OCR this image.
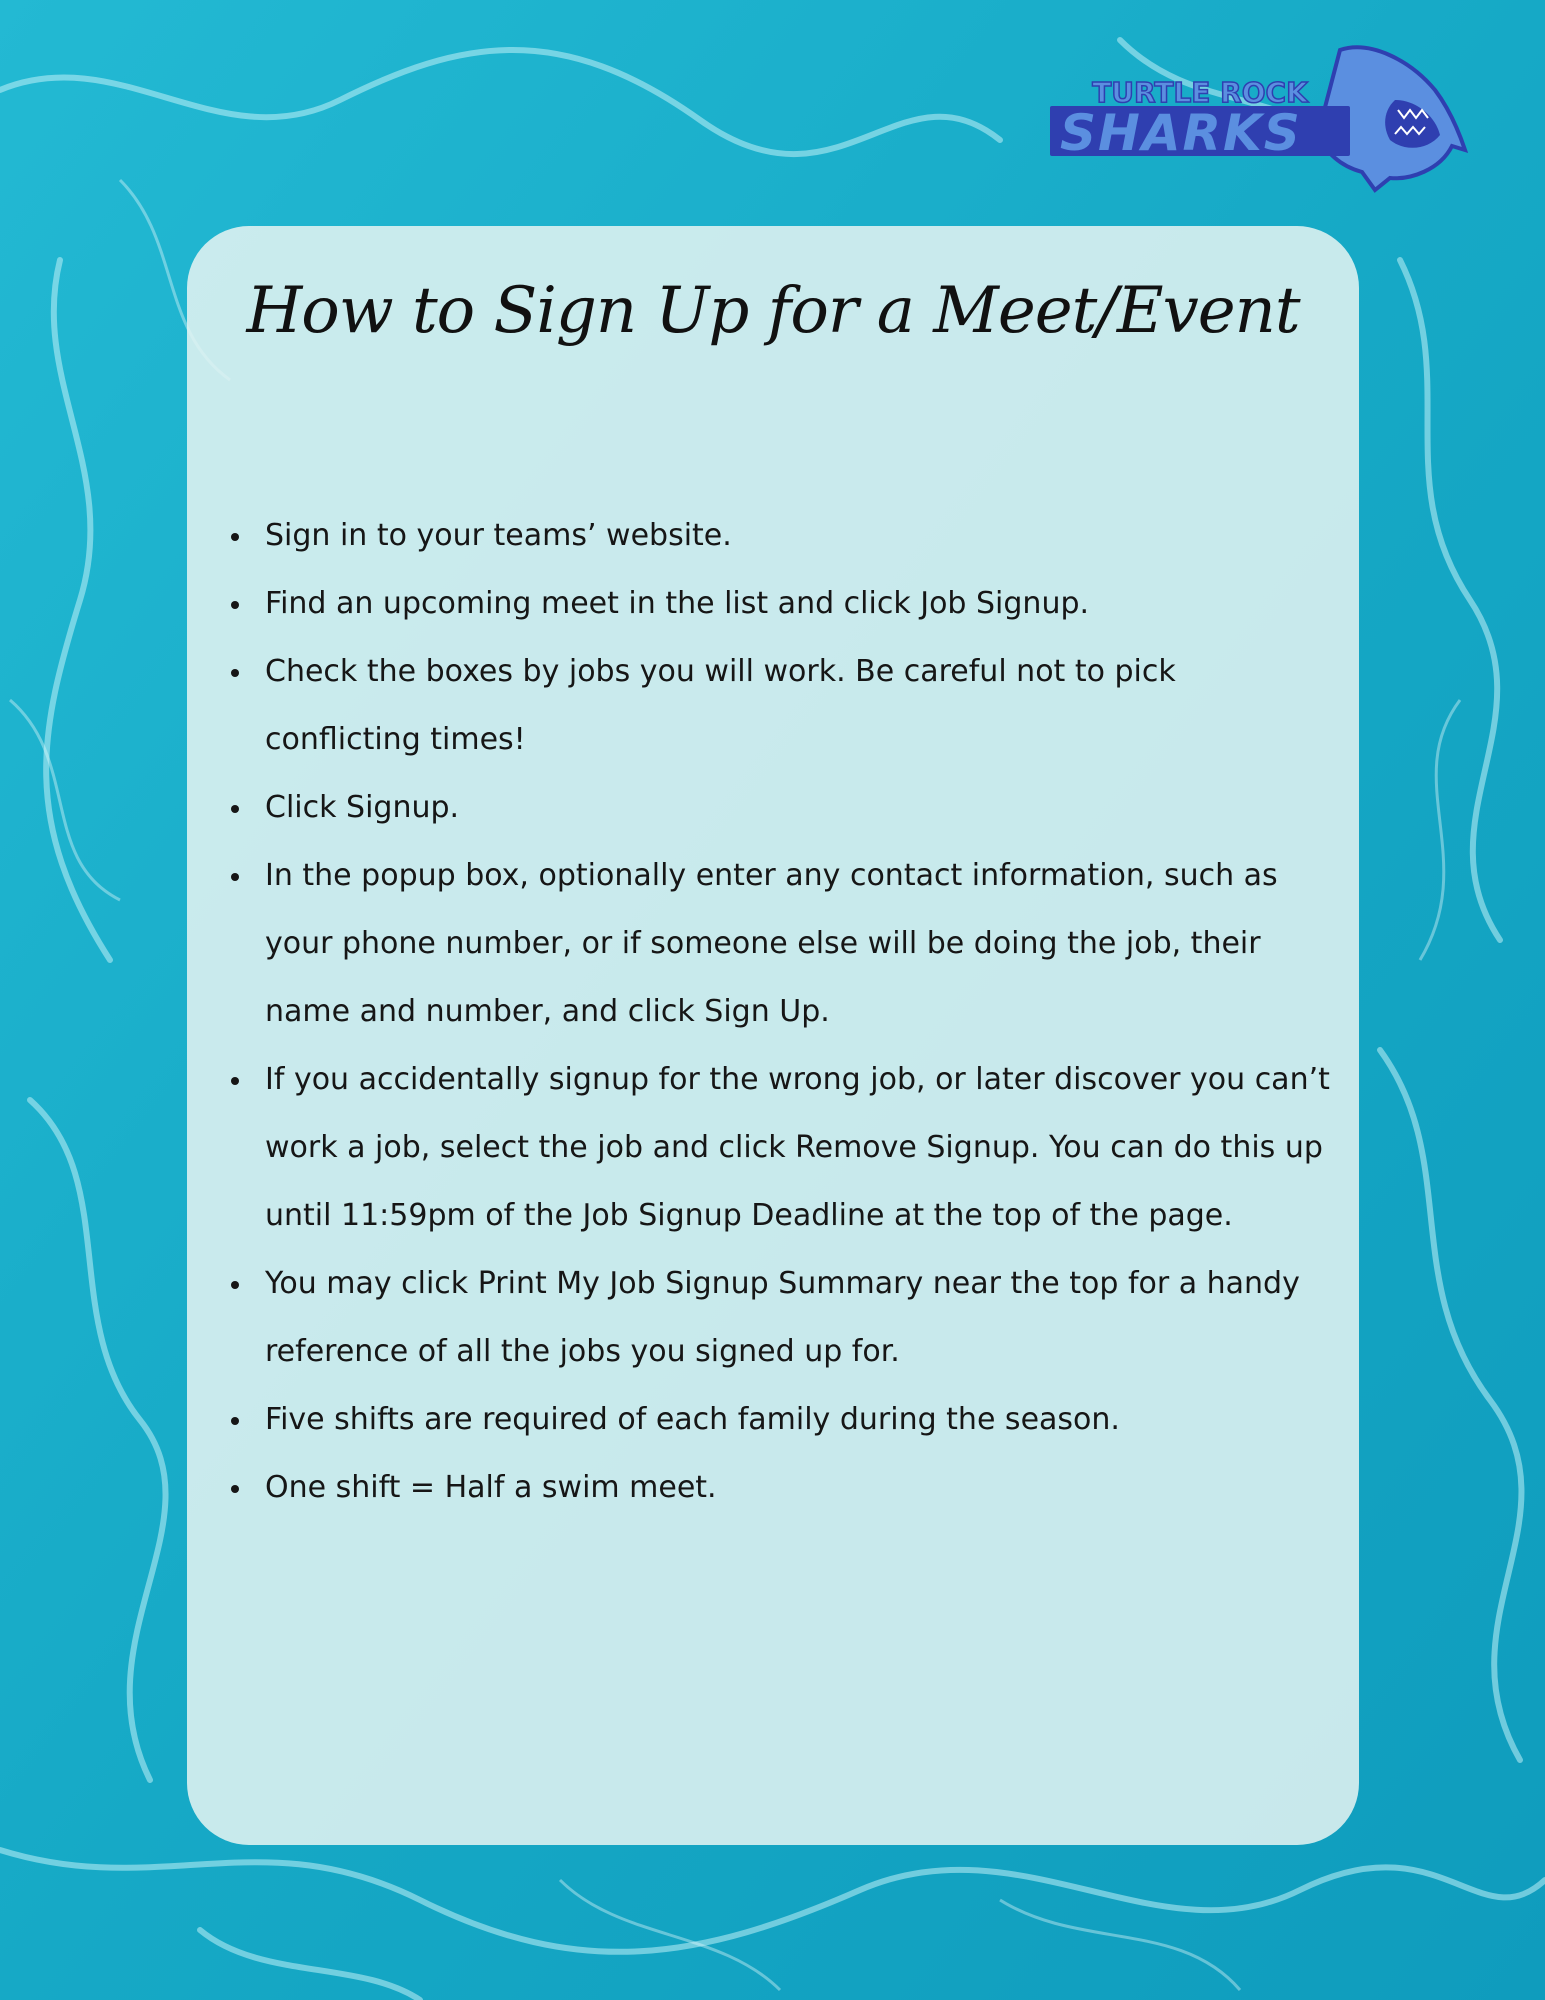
TURTLE ROCK
SHARKS
How to Sign Up for a Meet/Event
Sign in to your teams’ website.
Find an upcoming meet in the list and click Job Signup.
Check the boxes by jobs you will work. Be careful not to pick conflicting times!
Click Signup.
In the popup box, optionally enter any contact information, such as your phone number, or if someone else will be doing the job, their name and number, and click Sign Up.
If you accidentally signup for the wrong job, or later discover you can’t work a job, select the job and click Remove Signup. You can do this up until 11:59pm of the Job Signup Deadline at the top of the page.
You may click Print My Job Signup Summary near the top for a handy reference of all the jobs you signed up for.
Five shifts are required of each family during the season.
One shift = Half a swim meet.
